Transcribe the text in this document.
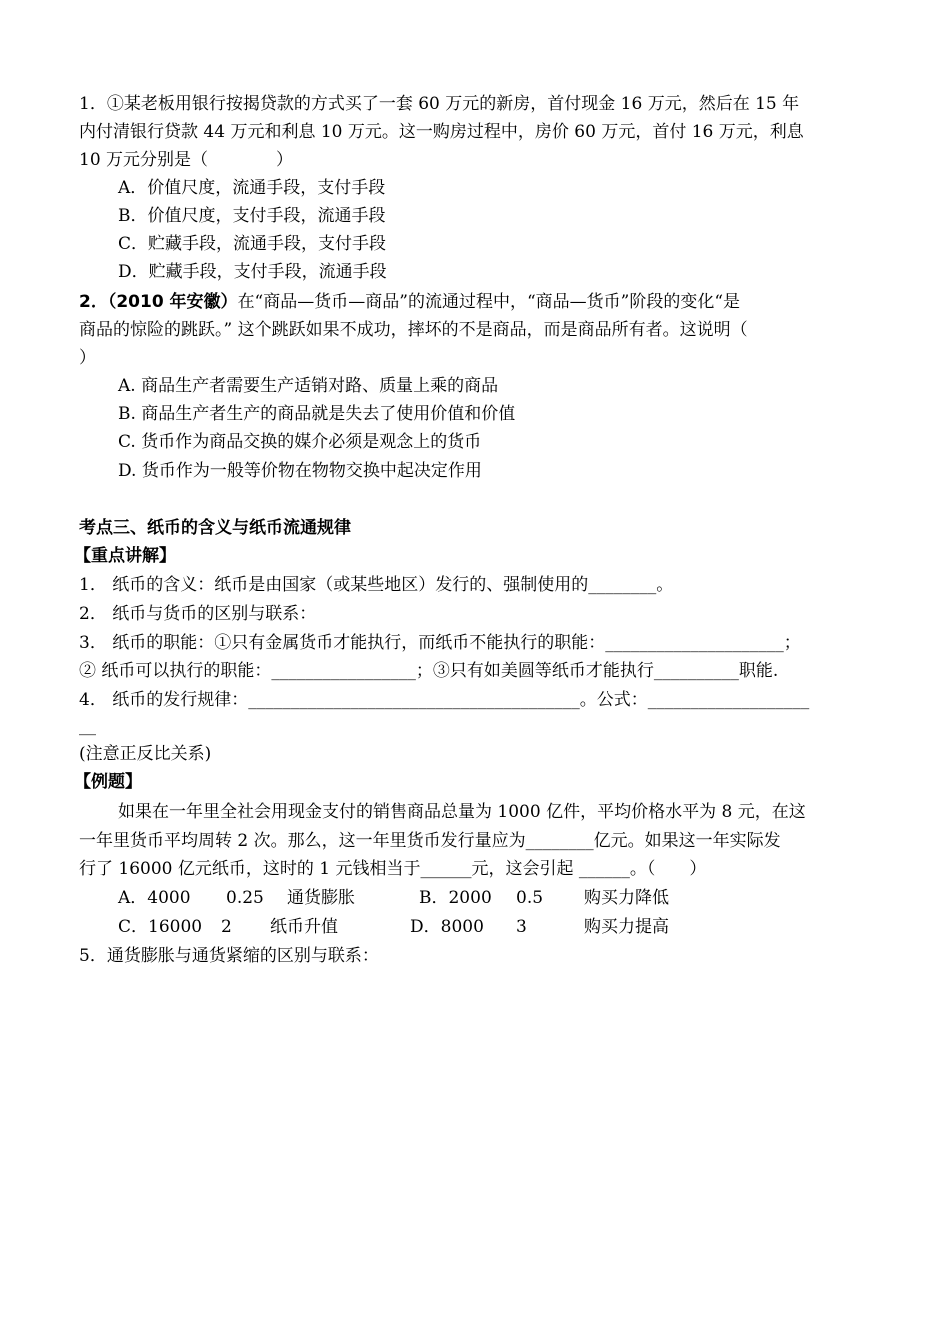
1．①某老板用银行按揭贷款的方式买了一套 60 万元的新房，首付现金 16 万元，然后在 15 年
内付清银行贷款 44 万元和利息 10 万元。这一购房过程中，房价 60 万元，首付 16 万元，利息
10 万元分别是（　　　　）
A．价值尺度，流通手段，支付手段
B．价值尺度，支付手段，流通手段
C．贮藏手段，流通手段，支付手段
D．贮藏手段，支付手段，流通手段
2．（2010 年安徽）在“商品—货币—商品”的流通过程中，“商品—货币”阶段的变化“是
商品的惊险的跳跃。” 这个跳跃如果不成功，摔坏的不是商品，而是商品所有者。这说明（
）
A. 商品生产者需要生产适销对路、质量上乘的商品
B. 商品生产者生产的商品就是失去了使用价值和价值
C. 货币作为商品交换的媒介必须是观念上的货币
D. 货币作为一般等价物在物物交换中起决定作用
考点三、纸币的含义与纸币流通规律
【重点讲解】
1． 纸币的含义：纸币是由国家（或某些地区）发行的、强制使用的________。
2． 纸币与货币的区别与联系：
3． 纸币的职能：①只有金属货币才能执行，而纸币不能执行的职能：_____________________；
② 纸币可以执行的职能：_________________；③只有如美圆等纸币才能执行__________职能.
4． 纸币的发行规律：_______________________________________。公式：___________________
__
(注意正反比关系)
【例题】
如果在一年里全社会用现金支付的销售商品总量为 1000 亿件，平均价格水平为 8 元，在这
一年里货币平均周转 2 次。那么，这一年里货币发行量应为________亿元。如果这一年实际发
行了 16000 亿元纸币，这时的 1 元钱相当于______元，这会引起 ______。（　　）
A．4000 0.25 通货膨胀	B．2000 0.5 购买力降低
C．16000 2 纸币升值	D．8000 3	购买力提高
5．通货膨胀与通货紧缩的区别与联系：
